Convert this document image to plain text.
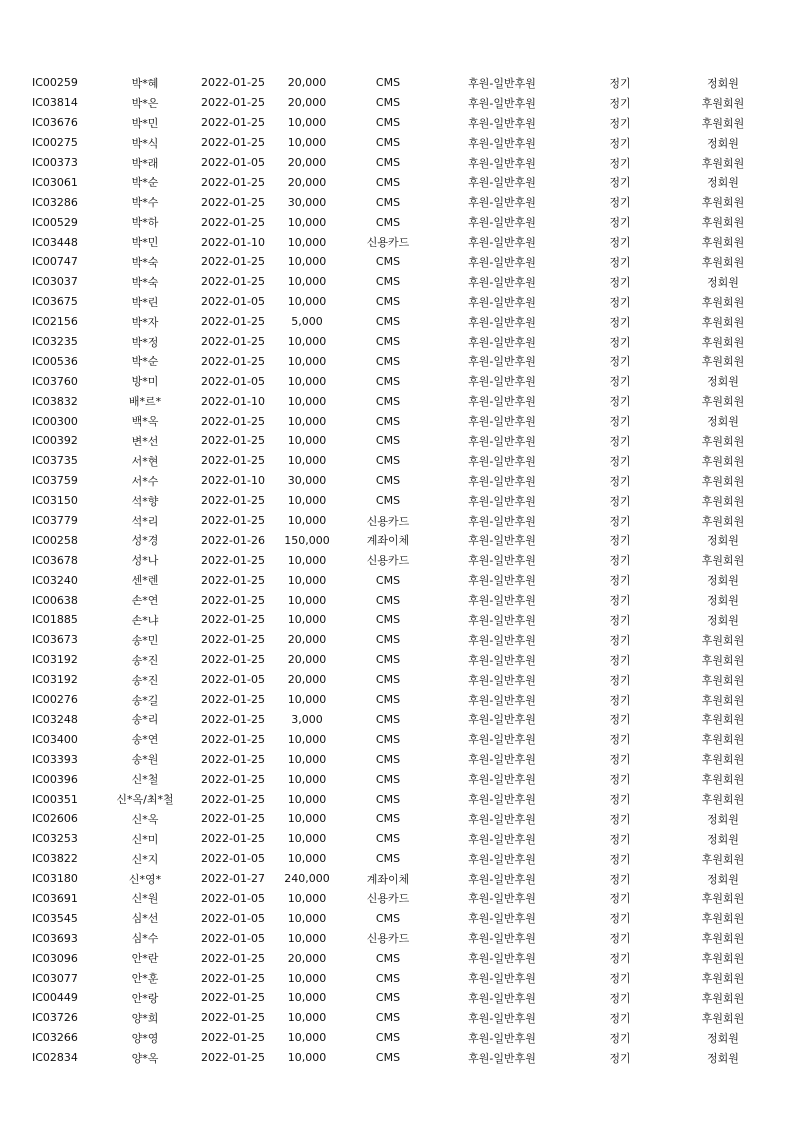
IC00259	박*혜	2022-01-25	20,000	CMS	후원-일반후원	정기	정회원
IC03814	박*은	2022-01-25	20,000	CMS	후원-일반후원	정기	후원회원
IC03676	박*민	2022-01-25	10,000	CMS	후원-일반후원	정기	후원회원
IC00275	박*식	2022-01-25	10,000	CMS	후원-일반후원	정기	정회원
IC00373	박*래	2022-01-05	20,000	CMS	후원-일반후원	정기	후원회원
IC03061	박*순	2022-01-25	20,000	CMS	후원-일반후원	정기	정회원
IC03286	박*수	2022-01-25	30,000	CMS	후원-일반후원	정기	후원회원
IC00529	박*하	2022-01-25	10,000	CMS	후원-일반후원	정기	후원회원
IC03448	박*민	2022-01-10	10,000	신용카드	후원-일반후원	정기	후원회원
IC00747	박*숙	2022-01-25	10,000	CMS	후원-일반후원	정기	후원회원
IC03037	박*숙	2022-01-25	10,000	CMS	후원-일반후원	정기	정회원
IC03675	박*린	2022-01-05	10,000	CMS	후원-일반후원	정기	후원회원
IC02156	박*자	2022-01-25	5,000	CMS	후원-일반후원	정기	후원회원
IC03235	박*정	2022-01-25	10,000	CMS	후원-일반후원	정기	후원회원
IC00536	박*순	2022-01-25	10,000	CMS	후원-일반후원	정기	후원회원
IC03760	방*미	2022-01-05	10,000	CMS	후원-일반후원	정기	정회원
IC03832	배*르*	2022-01-10	10,000	CMS	후원-일반후원	정기	후원회원
IC00300	백*옥	2022-01-25	10,000	CMS	후원-일반후원	정기	정회원
IC00392	변*선	2022-01-25	10,000	CMS	후원-일반후원	정기	후원회원
IC03735	서*현	2022-01-25	10,000	CMS	후원-일반후원	정기	후원회원
IC03759	서*수	2022-01-10	30,000	CMS	후원-일반후원	정기	후원회원
IC03150	석*향	2022-01-25	10,000	CMS	후원-일반후원	정기	후원회원
IC03779	석*리	2022-01-25	10,000	신용카드	후원-일반후원	정기	후원회원
IC00258	성*경	2022-01-26	150,000	계좌이체	후원-일반후원	정기	정회원
IC03678	성*나	2022-01-25	10,000	신용카드	후원-일반후원	정기	후원회원
IC03240	센*렌	2022-01-25	10,000	CMS	후원-일반후원	정기	정회원
IC00638	손*연	2022-01-25	10,000	CMS	후원-일반후원	정기	정회원
IC01885	손*냐	2022-01-25	10,000	CMS	후원-일반후원	정기	정회원
IC03673	송*민	2022-01-25	20,000	CMS	후원-일반후원	정기	후원회원
IC03192	송*진	2022-01-25	20,000	CMS	후원-일반후원	정기	후원회원
IC03192	송*진	2022-01-05	20,000	CMS	후원-일반후원	정기	후원회원
IC00276	송*길	2022-01-25	10,000	CMS	후원-일반후원	정기	후원회원
IC03248	송*리	2022-01-25	3,000	CMS	후원-일반후원	정기	후원회원
IC03400	송*연	2022-01-25	10,000	CMS	후원-일반후원	정기	후원회원
IC03393	송*원	2022-01-25	10,000	CMS	후원-일반후원	정기	후원회원
IC00396	신*철	2022-01-25	10,000	CMS	후원-일반후원	정기	후원회원
IC00351	신*옥/최*철	2022-01-25	10,000	CMS	후원-일반후원	정기	후원회원
IC02606	신*옥	2022-01-25	10,000	CMS	후원-일반후원	정기	정회원
IC03253	신*미	2022-01-25	10,000	CMS	후원-일반후원	정기	정회원
IC03822	신*지	2022-01-05	10,000	CMS	후원-일반후원	정기	후원회원
IC03180	신*영*	2022-01-27	240,000	계좌이체	후원-일반후원	정기	정회원
IC03691	신*원	2022-01-05	10,000	신용카드	후원-일반후원	정기	후원회원
IC03545	심*선	2022-01-05	10,000	CMS	후원-일반후원	정기	후원회원
IC03693	심*수	2022-01-05	10,000	신용카드	후원-일반후원	정기	후원회원
IC03096	안*란	2022-01-25	20,000	CMS	후원-일반후원	정기	후원회원
IC03077	안*훈	2022-01-25	10,000	CMS	후원-일반후원	정기	후원회원
IC00449	안*랑	2022-01-25	10,000	CMS	후원-일반후원	정기	후원회원
IC03726	양*희	2022-01-25	10,000	CMS	후원-일반후원	정기	후원회원
IC03266	양*영	2022-01-25	10,000	CMS	후원-일반후원	정기	정회원
IC02834	양*옥	2022-01-25	10,000	CMS	후원-일반후원	정기	정회원
